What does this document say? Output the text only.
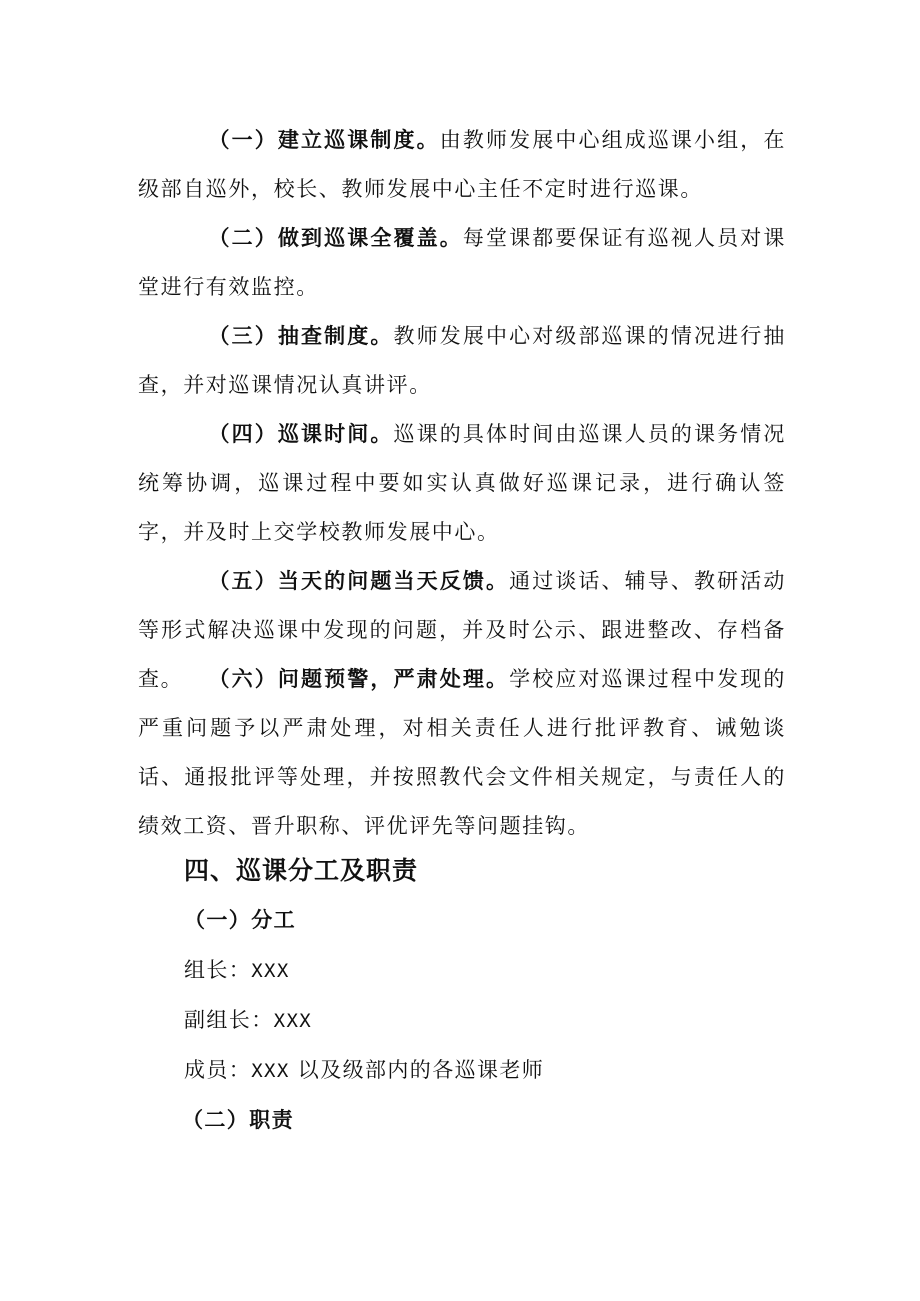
（一）建立巡课制度。由教师发展中心组成巡课小组，在级部自巡外，校长、教师发展中心主任不定时进行巡课。

（二）做到巡课全覆盖。每堂课都要保证有巡视人员对课堂进行有效监控。

（三）抽查制度。教师发展中心对级部巡课的情况进行抽查，并对巡课情况认真讲评。

（四）巡课时间。巡课的具体时间由巡课人员的课务情况统筹协调，巡课过程中要如实认真做好巡课记录，进行确认签字，并及时上交学校教师发展中心。

（五）当天的问题当天反馈。通过谈话、辅导、教研活动等形式解决巡课中发现的问题，并及时公示、跟进整改、存档备查。	（六）问题预警，严肃处理。学校应对巡课过程中发现的严重问题予以严肃处理，对相关责任人进行批评教育、诫勉谈话、通报批评等处理，并按照教代会文件相关规定，与责任人的绩效工资、晋升职称、评优评先等问题挂钩。

四、巡课分工及职责

（一）分工

组长：XXX

副组长：XXX

成员：XXX 以及级部内的各巡课老师

（二）职责
